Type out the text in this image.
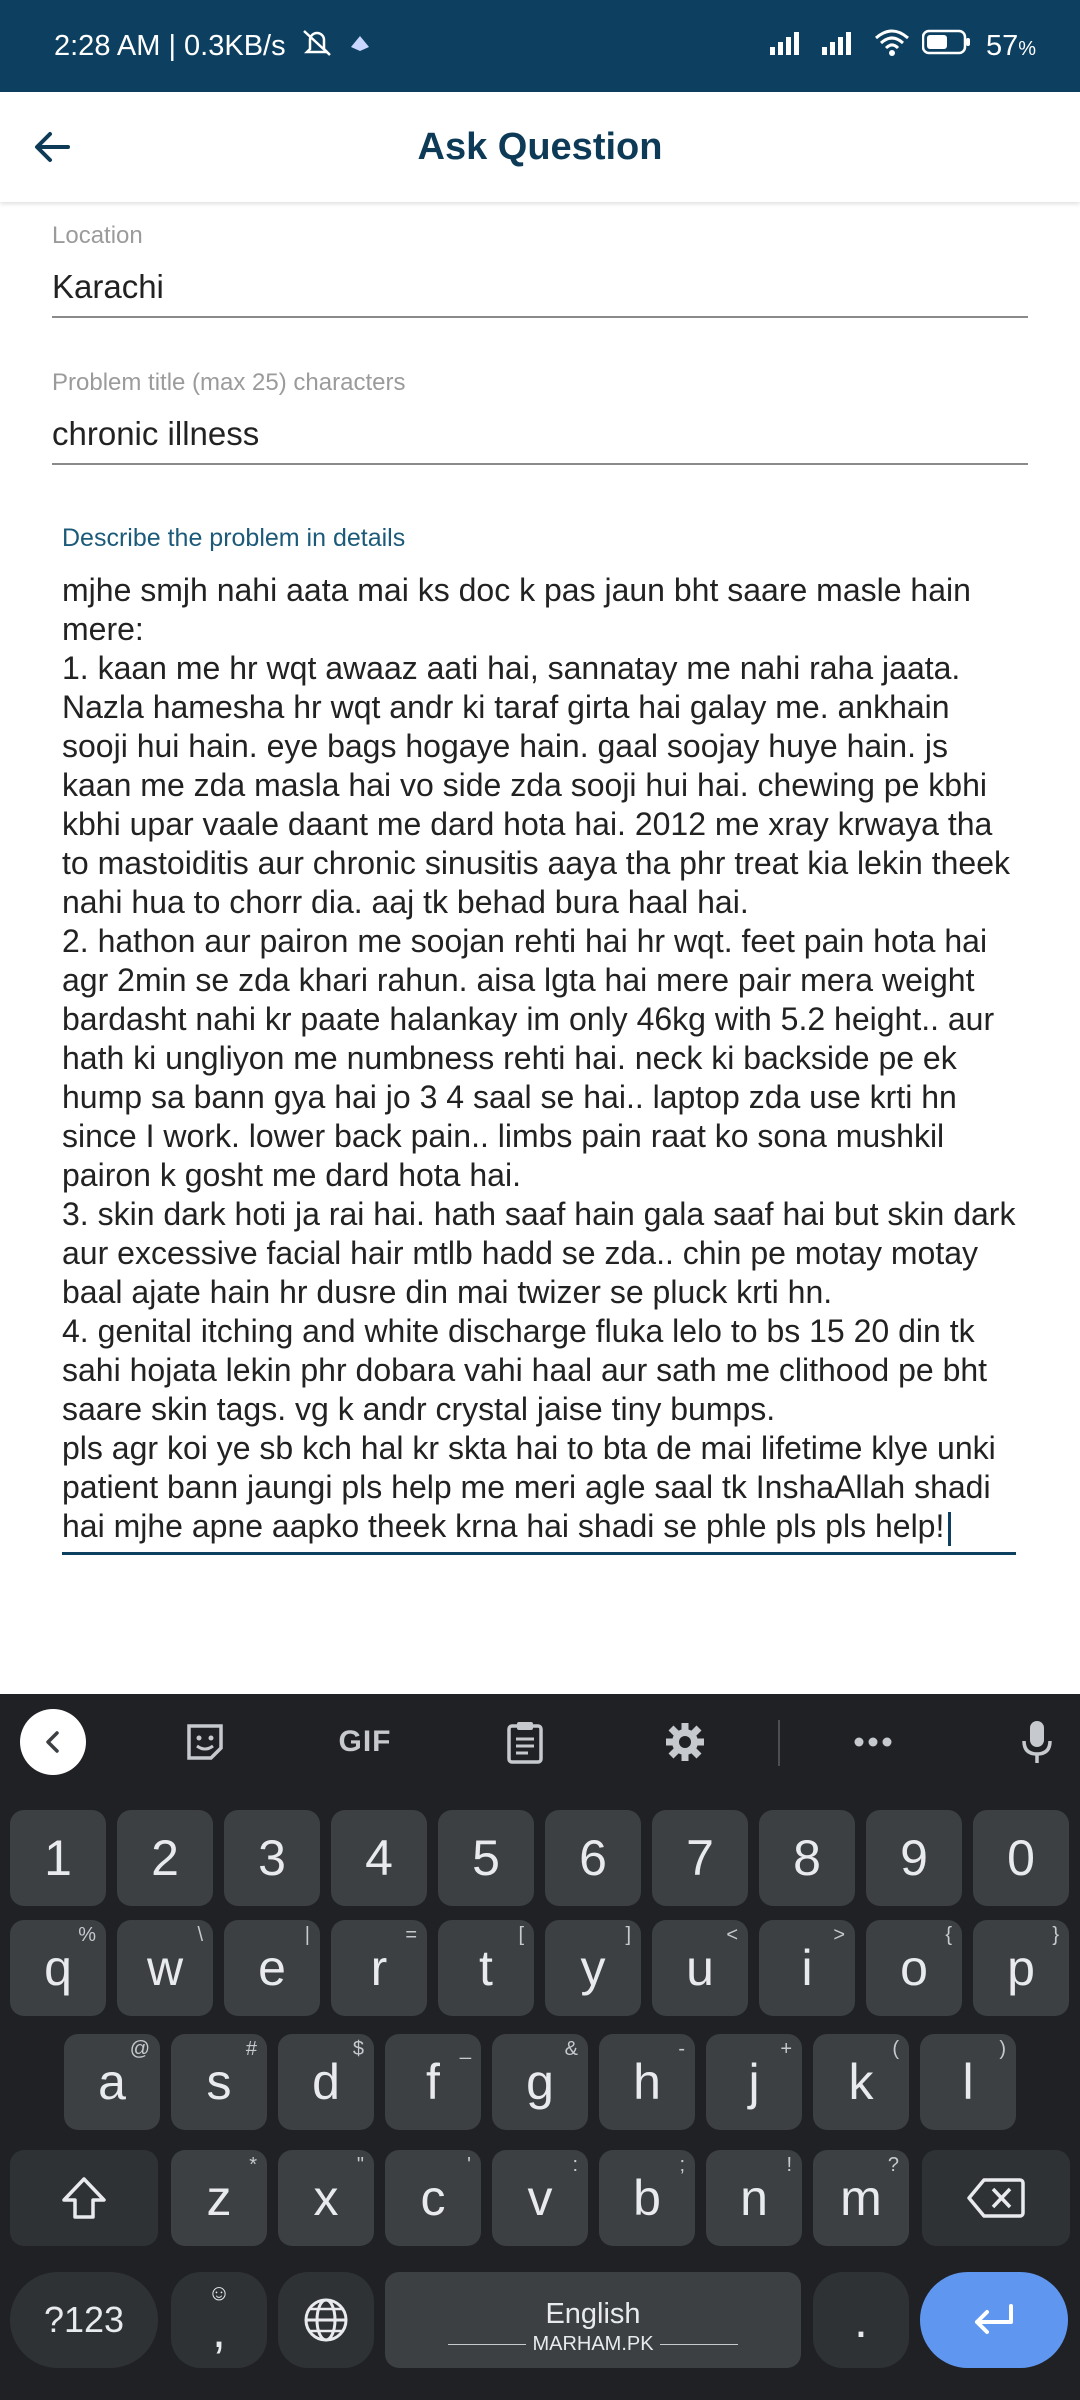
2:28 AM | 0.3KB/s	57%
Ask Question
Location
Karachi
Problem title (max 25) characters
chronic illness
Describe the problem in details
mjhe smjh nahi aata mai ks doc k pas jaun bht saare masle hain mere:
1. kaan me hr wqt awaaz aati hai, sannatay me nahi raha jaata. Nazla hamesha hr wqt andr ki taraf girta hai galay me. ankhain sooji hui hain. eye bags hogaye hain. gaal soojay huye hain. js kaan me zda masla hai vo side zda sooji hui hai. chewing pe kbhi kbhi upar vaale daant me dard hota hai. 2012 me xray krwaya tha to mastoiditis aur chronic sinusitis aaya tha phr treat kia lekin theek nahi hua to chorr dia. aaj tk behad bura haal hai.
2. hathon aur pairon me soojan rehti hai hr wqt. feet pain hota hai agr 2min se zda khari rahun. aisa lgta hai mere pair mera weight bardasht nahi kr paate halankay im only 46kg with 5.2 height.. aur hath ki ungliyon me numbness rehti hai. neck ki backside pe ek hump sa bann gya hai jo 3 4 saal se hai.. laptop zda use krti hn since I work. lower back pain.. limbs pain raat ko sona mushkil pairon k gosht me dard hota hai.
3. skin dark hoti ja rai hai. hath saaf hain gala saaf hai but skin dark aur excessive facial hair mtlb hadd se zda.. chin pe motay motay baal ajate hain hr dusre din mai twizer se pluck krti hn.
4. genital itching and white discharge fluka lelo to bs 15 20 din tk sahi hojata lekin phr dobara vahi haal aur sath me clithood pe bht saare skin tags. vg k andr crystal jaise tiny bumps.
pls agr koi ye sb kch hal kr skta hai to bta de mai lifetime klye unki patient bann jaungi pls help me meri agle saal tk InshaAllah shadi hai mjhe apne aapko theek krna hai shadi se phle pls pls help!
GIF
1	2	3	4	5	6	7	8	9	0
q
%
w
\
e
|
r
=
t
[
y
]
u
<
i
>
o
{
p
}
a
@
s
#
d
$
f
_
g
&
h
-
j
+
k
(
l
)
z
*
x
"
c
'
v
:
b
;
n
!
m
?
?123
☺
,	English
MARHAM.PK	.
